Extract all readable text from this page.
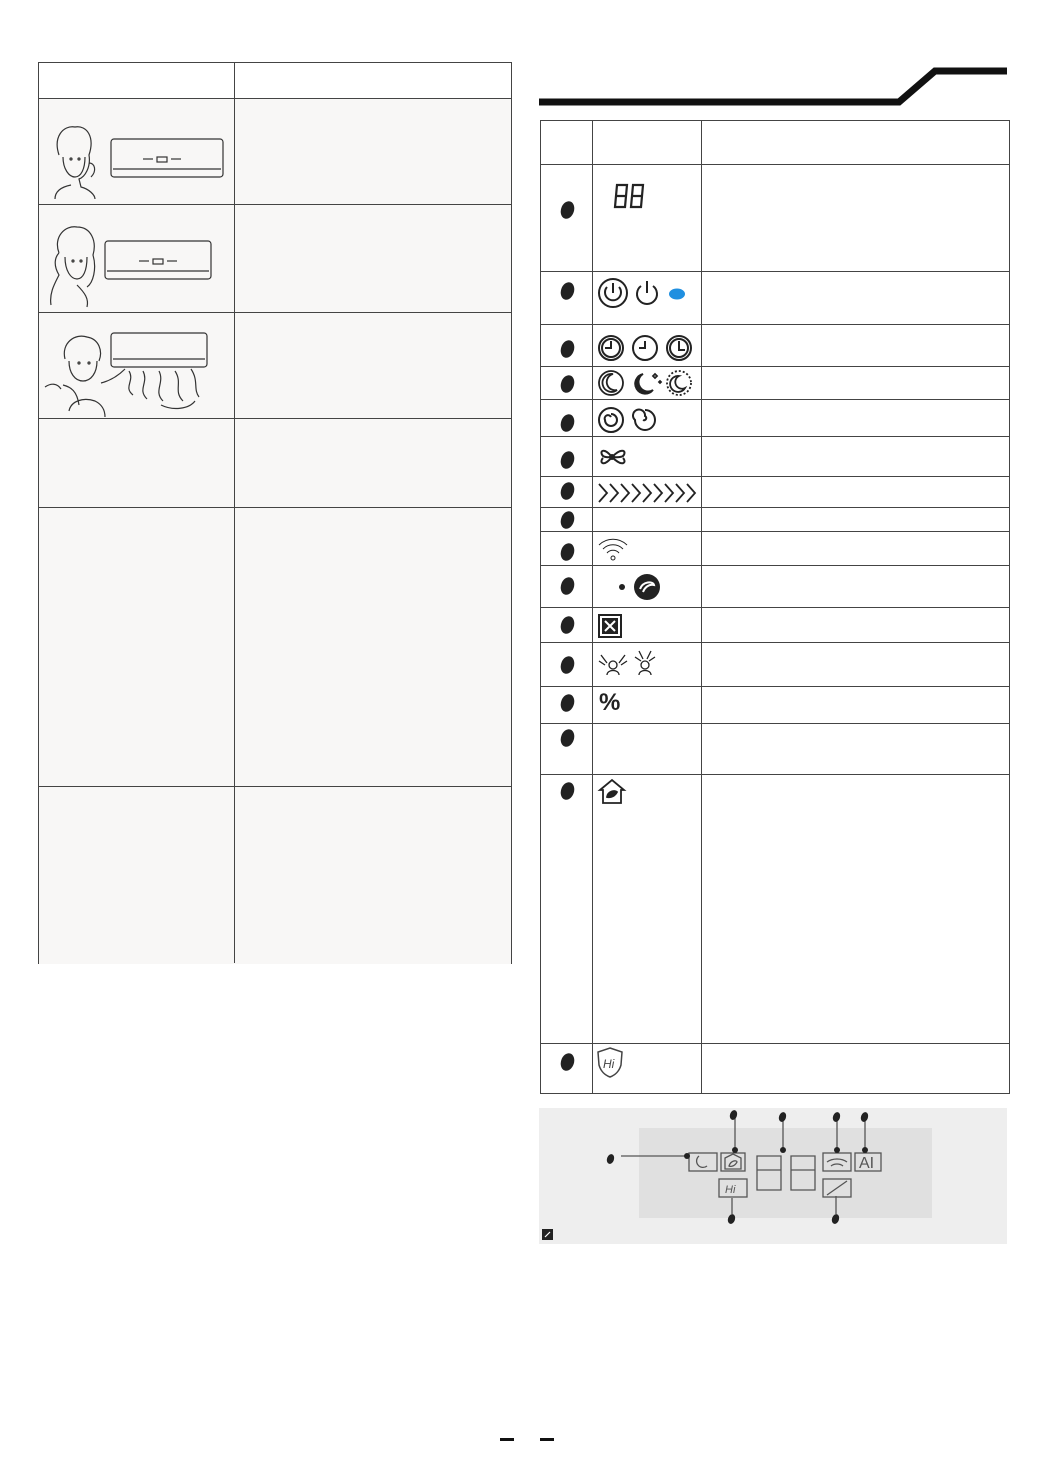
%
Hi
AI
Hi
